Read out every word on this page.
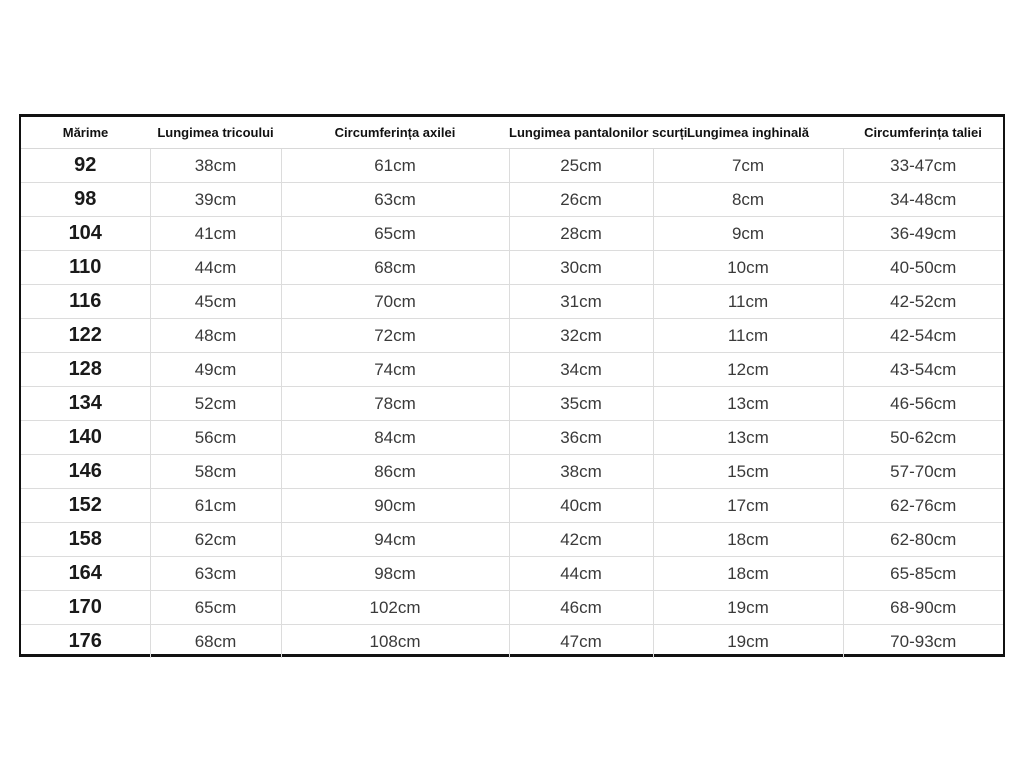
Mărime	Lungimea tricoului	Circumferința axilei	Lungimea pantalonilor scurți	Lungimea inghinală	Circumferința taliei
92	38cm	61cm	25cm	7cm	33-47cm
98	39cm	63cm	26cm	8cm	34-48cm
104	41cm	65cm	28cm	9cm	36-49cm
110	44cm	68cm	30cm	10cm	40-50cm
116	45cm	70cm	31cm	11cm	42-52cm
122	48cm	72cm	32cm	11cm	42-54cm
128	49cm	74cm	34cm	12cm	43-54cm
134	52cm	78cm	35cm	13cm	46-56cm
140	56cm	84cm	36cm	13cm	50-62cm
146	58cm	86cm	38cm	15cm	57-70cm
152	61cm	90cm	40cm	17cm	62-76cm
158	62cm	94cm	42cm	18cm	62-80cm
164	63cm	98cm	44cm	18cm	65-85cm
170	65cm	102cm	46cm	19cm	68-90cm
176	68cm	108cm	47cm	19cm	70-93cm
